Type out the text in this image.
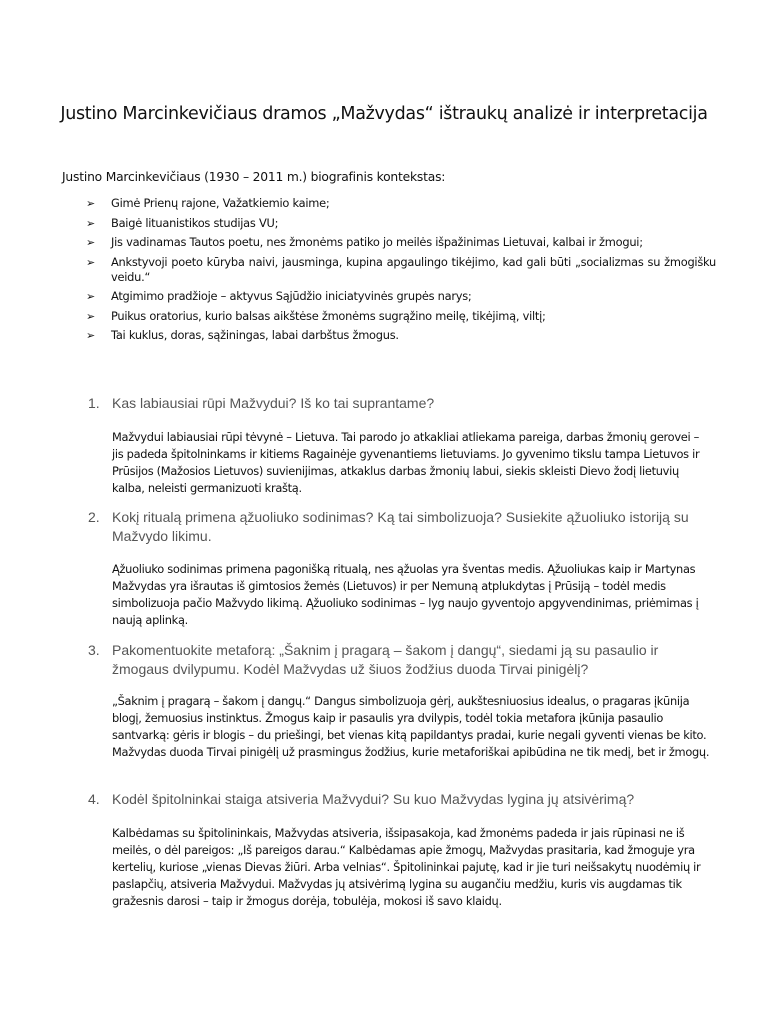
Justino Marcinkevičiaus dramos „Mažvydas“ ištraukų analizė ir interpretacija
Justino Marcinkevičiaus (1930 – 2011 m.) biografinis kontekstas:
➢ Gimė Prienų rajone, Važatkiemio kaime;
➢ Baigė lituanistikos studijas VU;
➢ Jis vadinamas Tautos poetu, nes žmonėms patiko jo meilės išpažinimas Lietuvai, kalbai ir žmogui;
➢ Ankstyvoji poeto kūryba naivi, jausminga, kupina apgaulingo tikėjimo, kad gali būti „socializmas su žmogišku veidu.“
➢ Atgimimo pradžioje – aktyvus Sąjūdžio iniciatyvinės grupės narys;
➢ Puikus oratorius, kurio balsas aikštėse žmonėms sugrąžino meilę, tikėjimą, viltį;
➢ Tai kuklus, doras, sąžiningas, labai darbštus žmogus.
1. Kas labiausiai rūpi Mažvydui? Iš ko tai suprantame?

Mažvydui labiausiai rūpi tėvynė – Lietuva. Tai parodo jo atkakliai atliekama pareiga, darbas žmonių gerovei – jis padeda špitolninkams ir kitiems Ragainėje gyvenantiems lietuviams. Jo gyvenimo tikslu tampa Lietuvos ir Prūsijos (Mažosios Lietuvos) suvienijimas, atkaklus darbas žmonių labui, siekis skleisti Dievo žodį lietuvių kalba, neleisti germanizuoti kraštą.

2. Kokį ritualą primena ąžuoliuko sodinimas? Ką tai simbolizuoja? Susiekite ąžuoliuko istoriją su Mažvydo likimu.

Ąžuoliuko sodinimas primena pagonišką ritualą, nes ąžuolas yra šventas medis. Ąžuoliukas kaip ir Martynas Mažvydas yra išrautas iš gimtosios žemės (Lietuvos) ir per Nemuną atplukdytas į Prūsiją – todėl medis simbolizuoja pačio Mažvydo likimą. Ąžuoliuko sodinimas – lyg naujo gyventojo apgyvendinimas, priėmimas į naują aplinką.

3. Pakomentuokite metaforą: „Šaknim į pragarą – šakom į dangų“, siedami ją su pasaulio ir žmogaus dvilypumu. Kodėl Mažvydas už šiuos žodžius duoda Tirvai pinigėlį?

„Šaknim į pragarą – šakom į dangų.“ Dangus simbolizuoja gėrį, aukštesniuosius idealus, o pragaras įkūnija blogį, žemuosius instinktus. Žmogus kaip ir pasaulis yra dvilypis, todėl tokia metafora įkūnija pasaulio santvarką: gėris ir blogis – du priešingi, bet vienas kitą papildantys pradai, kurie negali gyventi vienas be kito. Mažvydas duoda Tirvai pinigėlį už prasmingus žodžius, kurie metaforiškai apibūdina ne tik medį, bet ir žmogų.

4. Kodėl špitolninkai staiga atsiveria Mažvydui? Su kuo Mažvydas lygina jų atsivėrimą?

Kalbėdamas su špitolininkais, Mažvydas atsiveria, išsipasakoja, kad žmonėms padeda ir jais rūpinasi ne iš meilės, o dėl pareigos: „Iš pareigos darau.“ Kalbėdamas apie žmogų, Mažvydas prasitaria, kad žmoguje yra kertelių, kuriose „vienas Dievas žiūri. Arba velnias“. Špitolininkai pajutę, kad ir jie turi neišsakytų nuodėmių ir paslapčių, atsiveria Mažvydui. Mažvydas jų atsivėrimą lygina su augančiu medžiu, kuris vis augdamas tik gražesnis darosi – taip ir žmogus dorėja, tobulėja, mokosi iš savo klaidų.
